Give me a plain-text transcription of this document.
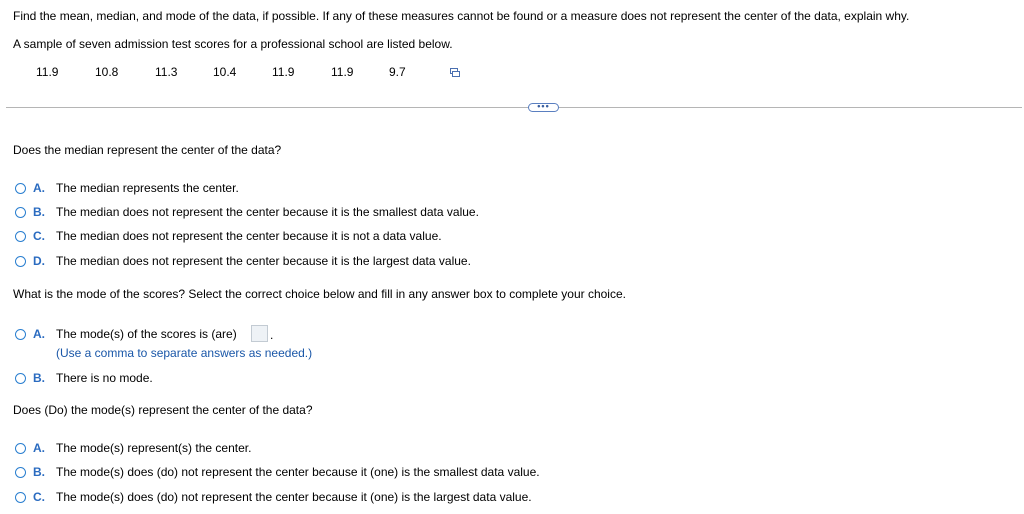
Find the mean, median, and mode of the data, if possible. If any of these measures cannot be found or a measure does not represent the center of the data, explain why.
A sample of seven admission test scores for a professional school are listed below.
11.9	10.8	11.3	10.4	11.9	11.9	9.7
•••
Does the median represent the center of the data?
A. The median represents the center.
B. The median does not represent the center because it is the smallest data value.
C. The median does not represent the center because it is not a data value.
D. The median does not represent the center because it is the largest data value.
What is the mode of the scores? Select the correct choice below and fill in any answer box to complete your choice.
A. The mode(s) of the scores is (are)	.
(Use a comma to separate answers as needed.)
B. There is no mode.
Does (Do) the mode(s) represent the center of the data?
A. The mode(s) represent(s) the center.
B. The mode(s) does (do) not represent the center because it (one) is the smallest data value.
C. The mode(s) does (do) not represent the center because it (one) is the largest data value.
